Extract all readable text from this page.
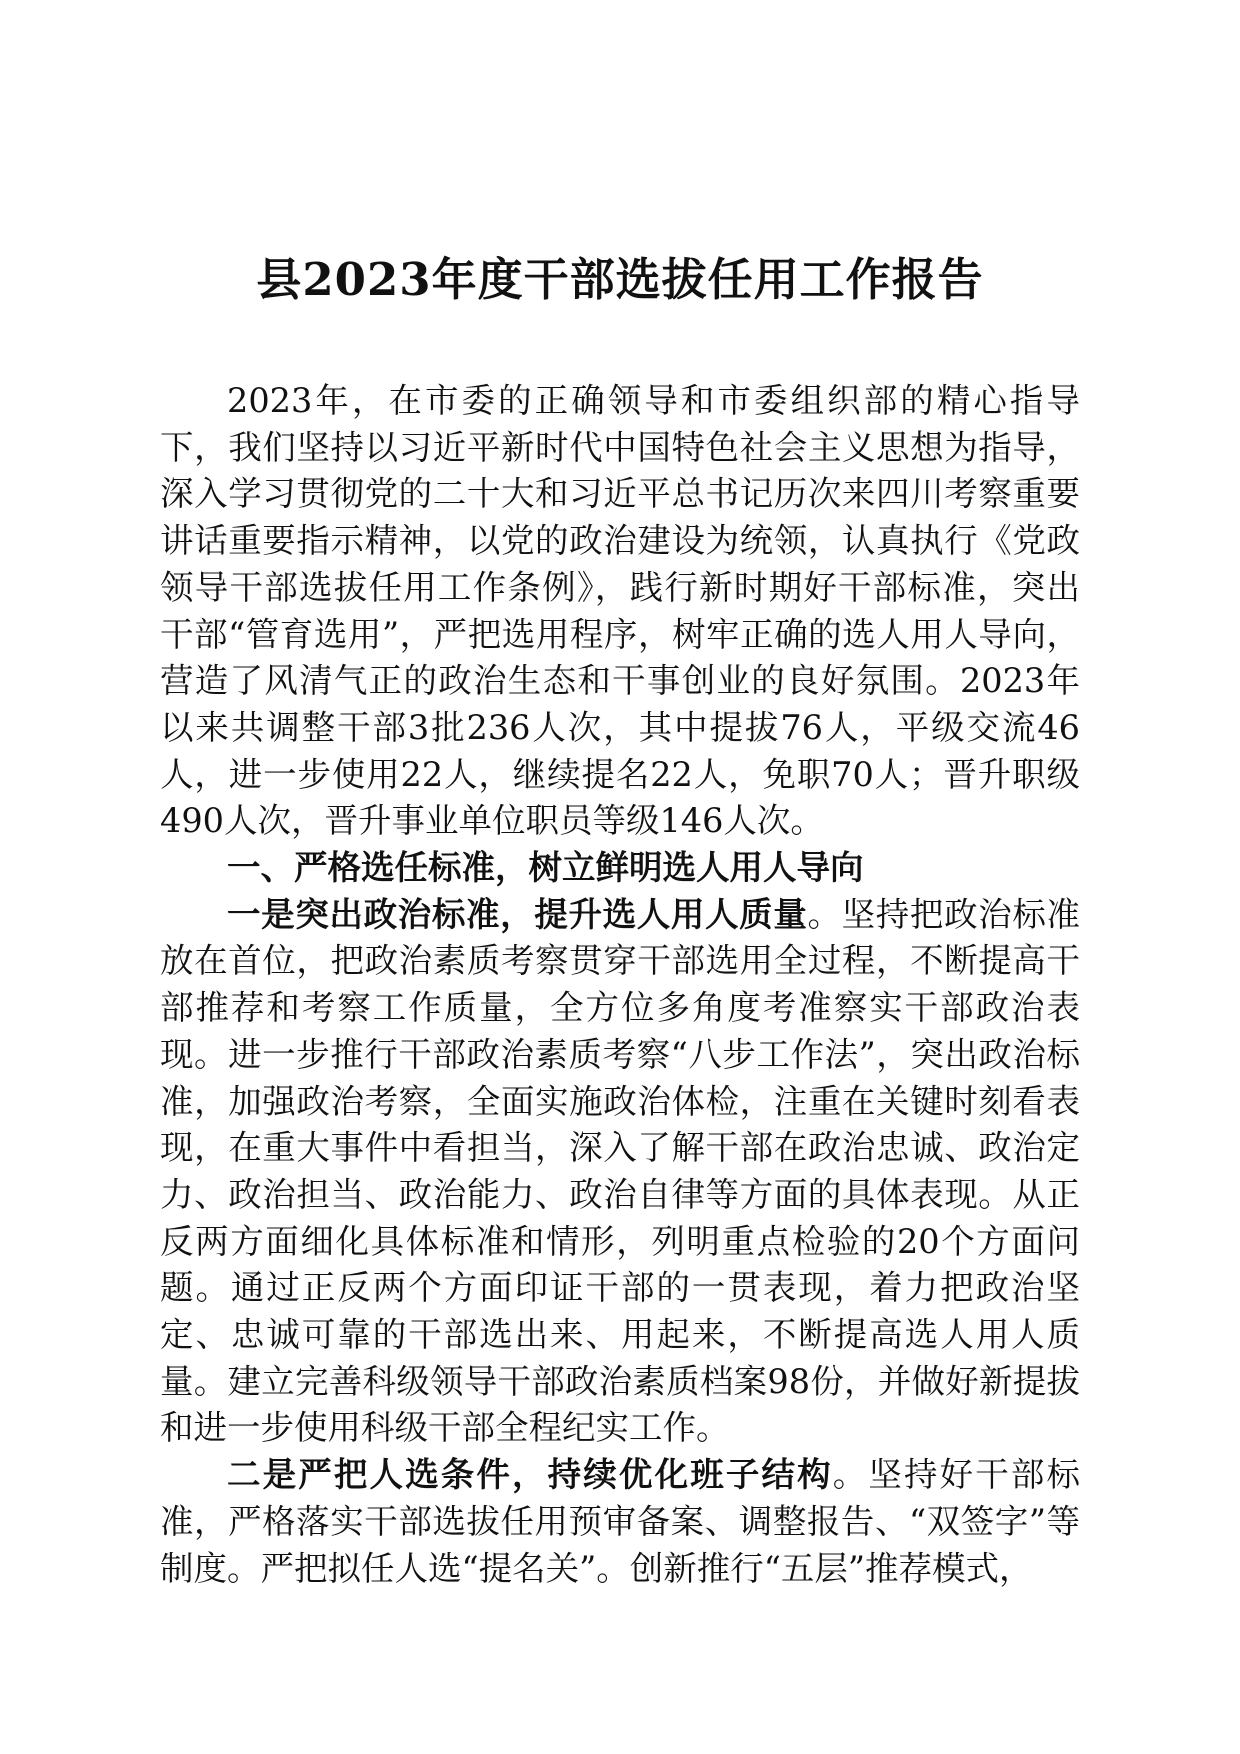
县2023年度干部选拔任用工作报告

2023年，在市委的正确领导和市委组织部的精心指导下，我们坚持以习近平新时代中国特色社会主义思想为指导，深入学习贯彻党的二十大和习近平总书记历次来四川考察重要讲话重要指示精神，以党的政治建设为统领，认真执行《党政领导干部选拔任用工作条例》，践行新时期好干部标准，突出干部“管育选用”，严把选用程序，树牢正确的选人用人导向，营造了风清气正的政治生态和干事创业的良好氛围。2023年以来共调整干部3批236人次，其中提拔76人，平级交流46人，进一步使用22人，继续提名22人，免职70人；晋升职级490人次，晋升事业单位职员等级146人次。

一、严格选任标准，树立鲜明选人用人导向

一是突出政治标准，提升选人用人质量。坚持把政治标准放在首位，把政治素质考察贯穿干部选用全过程，不断提高干部推荐和考察工作质量，全方位多角度考准察实干部政治表现。进一步推行干部政治素质考察“八步工作法”，突出政治标准，加强政治考察，全面实施政治体检，注重在关键时刻看表现，在重大事件中看担当，深入了解干部在政治忠诚、政治定力、政治担当、政治能力、政治自律等方面的具体表现。从正反两方面细化具体标准和情形，列明重点检验的20个方面问题。通过正反两个方面印证干部的一贯表现，着力把政治坚定、忠诚可靠的干部选出来、用起来，不断提高选人用人质量。建立完善科级领导干部政治素质档案98份，并做好新提拔和进一步使用科级干部全程纪实工作。

二是严把人选条件，持续优化班子结构。坚持好干部标准，严格落实干部选拔任用预审备案、调整报告、“双签字”等制度。严把拟任人选“提名关”。创新推行“五层”推荐模式，
